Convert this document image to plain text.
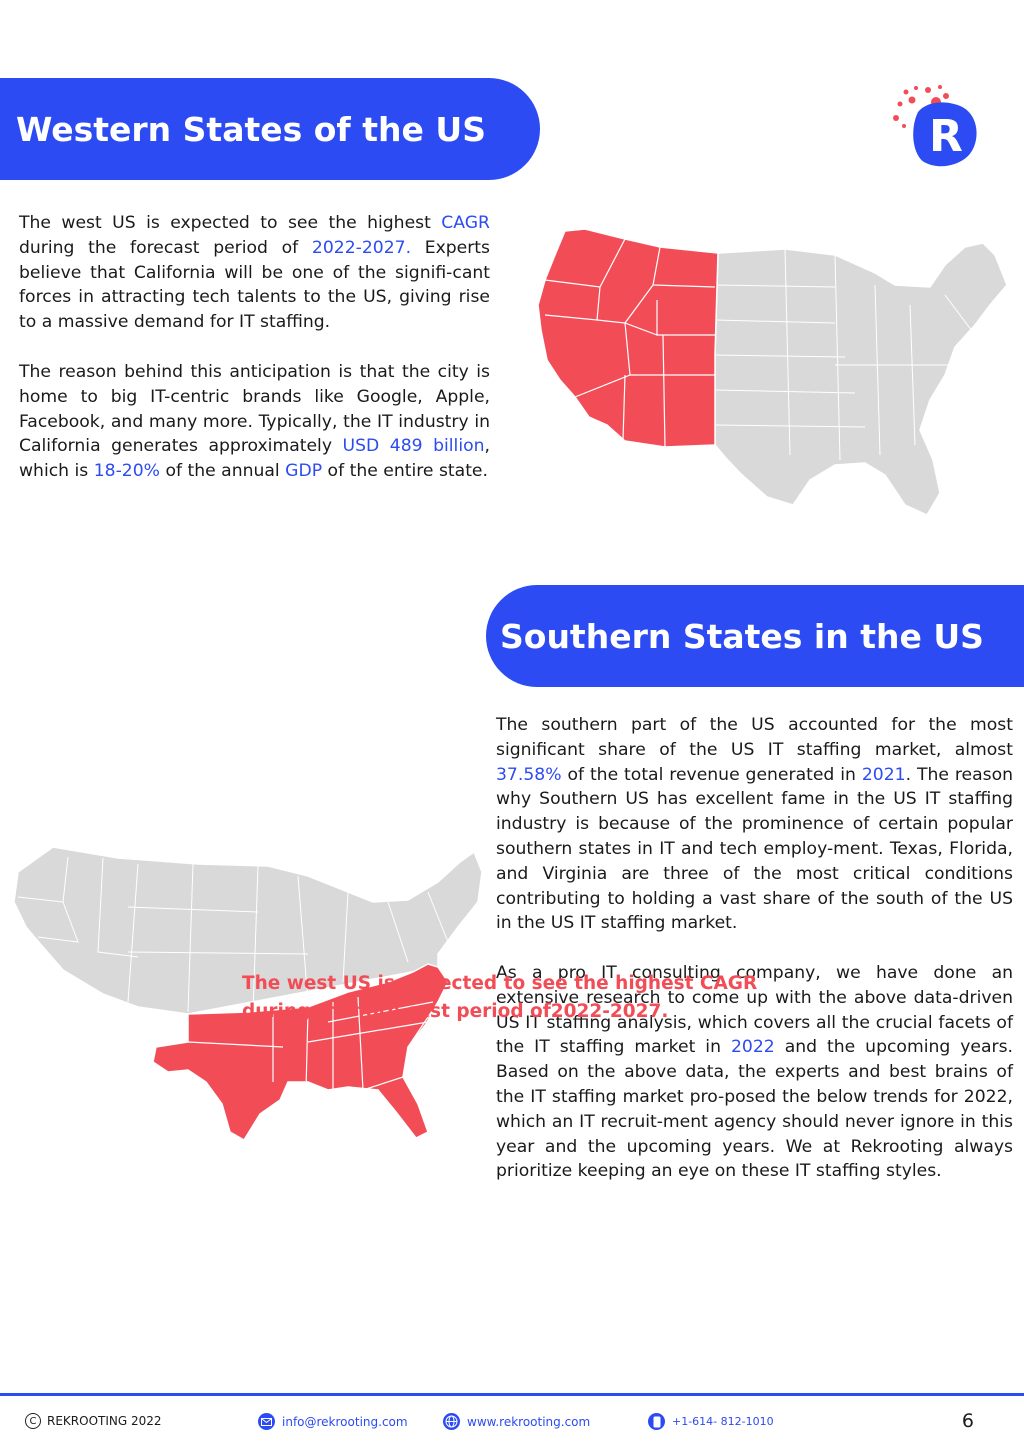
R
Western States of the US

The west US is expected to see the highest CAGR during the forecast period of 2022-2027. Experts believe that California will be one of the signifi-cant forces in attracting tech talents to the US, giving rise to a massive demand for IT staffing.

The reason behind this anticipation is that the city is home to big IT-centric brands like Google, Apple, Facebook, and many more. Typically, the IT industry in California generates approximately USD 489 billion, which is 18-20% of the annual GDP of the entire state.

Southern States in the US

The southern part of the US accounted for the most significant share of the US IT staffing market, almost 37.58% of the total revenue generated in 2021. The reason why Southern US has excellent fame in the US IT staffing industry is because of the prominence of certain popular southern states in IT and tech employ-ment. Texas, Florida, and Virginia are three of the most critical conditions contributing to holding a vast share of the south of the US in the US IT staffing market.

As a pro IT consulting company, we have done an extensive research to come up with the above data-driven US IT staffing analysis, which covers all the crucial facets of the IT staffing market in 2022 and the upcoming years. Based on the above data, the experts and best brains of the IT staffing market pro-posed the below trends for 2022, which an IT recruit-ment agency should never ignore in this year and the upcoming years. We at Rekrooting always prioritize keeping an eye on these IT staffing styles.

The west US is expected to see the highest CAGR during the fore cast period of2022-2027.

C REKROOTING 2022	info@rekrooting.com	www.rekrooting.com	+1-614- 812-1010	6
